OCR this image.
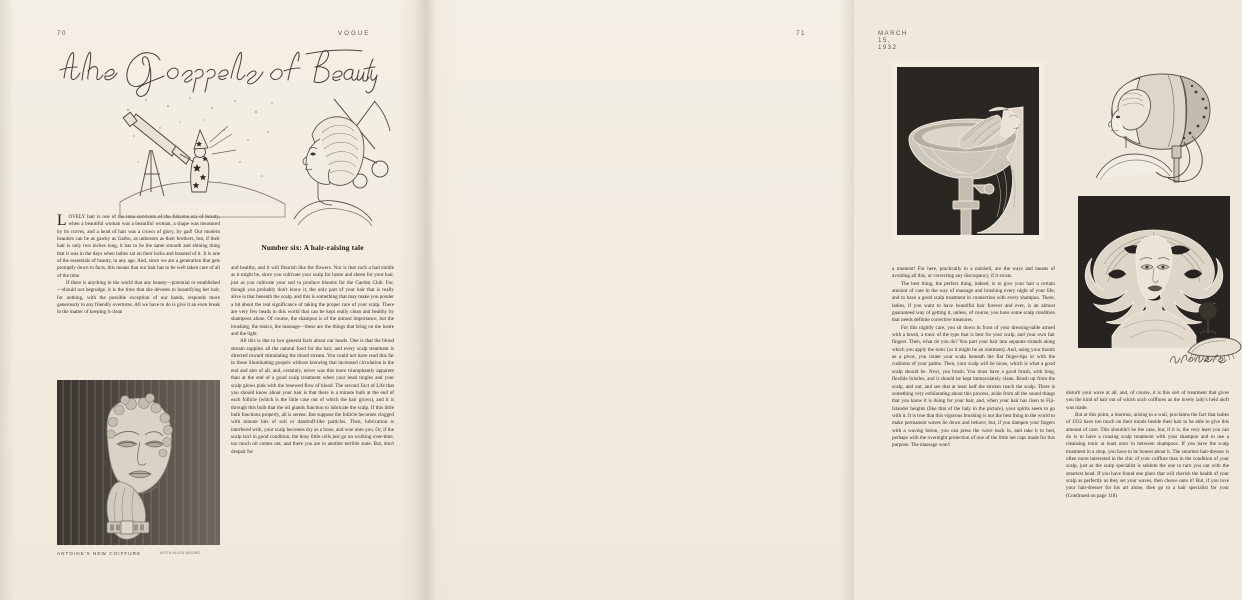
70	VOGUE

LOVELY hair is one of the lone survivors of the fulsome era of beauty, when a beautiful woman was a beautiful woman, a shape was measured by its curves, and a head of hair was a crown of glory, by gad! Our modern beauties can be as gawky as Garbo, as unbosom as their brothers, but, if their hair is only two inches long, it has to be the same smooth and shining thing that it was in the days when ladies sat on their locks and boasted of it. It is one of the essentials of beauty, in any age. And, since we are a generation that gets promptly down to facts, this means that our hair has to be well taken care of all of the time.

If there is anything in the world that any beauty—potential or established—should not begrudge, it is the time that she devotes to beautifying her hair, for nothing, with the possible exception of our hands, responds more generously to any friendly overtures. All we have to do is give it an even break in the matter of keeping it clean

Number six: A hair-raising tale

and healthy, and it will flourish like the flowers. Nor is that such a bad simile as it might be, since you cultivate your scalp for lustre and sheen for your hair, just as you cultivate your soil to produce blooms for the Garden Club. For, though you probably don't know it, the only part of your hair that is really alive is that beneath the scalp, and this is something that may make you ponder a bit about the real significance of taking the proper care of your scalp. There are very few heads in this world that can be kept really clean and healthy by shampoos alone. Of course, the shampoo is of the utmost importance, but the brushing, the tonics, the massage—these are the things that bring on the lustre and the light.

All this is due to two general facts about our heads. One is that the blood stream supplies all the natural food for the hair, and every scalp treatment is directed toward stimulating the blood stream. You could not have read this far in these illuminating gospels without knowing that increased circulation is the end and aim of all, and, certainly, never was this more triumphantly apparent than at the end of a good scalp treatment when your head tingles and your scalp glows pink with the renewed flow of blood. The second Fact of Life that you should know about your hair is that there is a minute bulb at the end of each follicle (which is the little case out of which the hair grows), and it is through this bulb that the oil glands function to lubricate the scalp. If this little bulb functions properly, all is serene. But suppose the follicle becomes clogged with minute bits of soil or dandruff-like particles. Then, lubrication is interfered with, your scalp becomes dry as a bone, and woe unto you. Or, if the scalp isn't in good condition, the busy little cells just go on working over-time, too much oil comes out, and there you are in another terrible state. But, don't despair for

ANTOINE'S NEW COIFFURE	KEITH ALLEN MOORE
MARCH 15, 1932
71

a moment! For here, practically in a nutshell, are the ways and means of avoiding all this, or correcting any discrepancy, if it exists.

The best thing, the perfect thing, indeed, is to give your hair a certain amount of care in the way of massage and brushing every night of your life, and to have a good scalp treatment in connection with every shampoo. There, ladies, if you want to have beautiful hair forever and ever, is an almost guaranteed way of getting it, unless, of course, you have some scalp condition that needs definite corrective measures.

For this nightly care, you sit down in front of your dressing-table armed with a brush, a tonic of the type that is best for your scalp, and your own fair fingers. Then, what do you do? You part your hair into separate strands along which you apply the tonic (or it might be an ointment). And, using your thumb as a pivot, you rotate your scalp beneath the flat finger-tips or with the cushions of your palms. Then, your scalp will be loose, which is what a good scalp should be. Next, you brush. You must have a good brush, with long, flexible bristles, and it should be kept immaculately clean. Brush up from the scalp, and out, and see that at least half the strokes reach the scalp. There is something very exhilarating about this process, aside from all the sound things that you know it is doing for your hair, and, when your hair has risen to Fiji-Islander heights (like that of the lady in the picture), your spirits seem to go with it. It is true that this vigorous brushing is not the best thing in the world to make permanent waves lie down and behave, but, if you dampen your fingers with a waving lotion, you can press the wave back in, and take it to bed, perhaps with the overnight protection of one of the little net caps made for this purpose. The massage won't

disturb your wave at all, and, of course, it is this sort of treatment that gives you the kind of hair out of which such coiffures as the lovely lady's held aloft was made.

But at this point, a murmur, arising to a wail, proclaims the fact that ladies of 1932 have too much on their minds beside their hair to be able to give this amount of care. This shouldn't be the case, but, if it is, the very least you can do is to have a rousing scalp treatment with your shampoo and to use a cleansing tonic at least once in between shampoos. If you have the scalp treatment in a shop, you have to be honest about it. The smartest hair-dresser is often more interested in the chic of your coiffure than in the condition of your scalp, just as the scalp specialist is seldom the one to turn you out with the smartest head. If you have found one place that will cherish the health of your scalp as perfectly as they set your waves, then cleave unto it! But, if you love your hair-dresser for his art alone, then go to a hair specialist for your (Continued on page 118)
